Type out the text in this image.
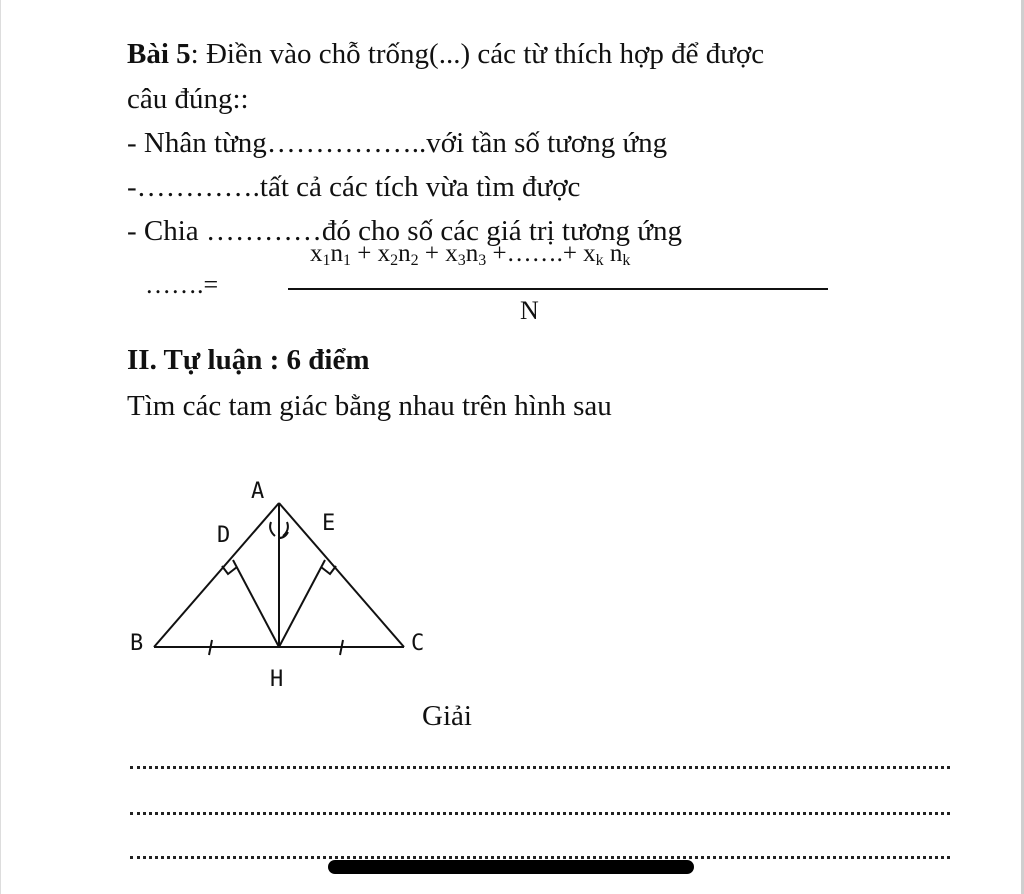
Bài 5: Điền vào chỗ trống(...) các từ thích hợp để được
câu đúng::
- Nhân từng……………..với tần số tương ứng
-………….tất cả các tích vừa tìm được
- Chia …………đó cho số các giá trị tương ứng
…….=
$x_1n_1 + x_2n_2 + x_3n_3$ +…….+ $x_k$ $n_k$
N
II. Tự luận : 6 điểm
Tìm các tam giác bằng nhau trên hình sau
A
D	E
B	C
H
Giải
